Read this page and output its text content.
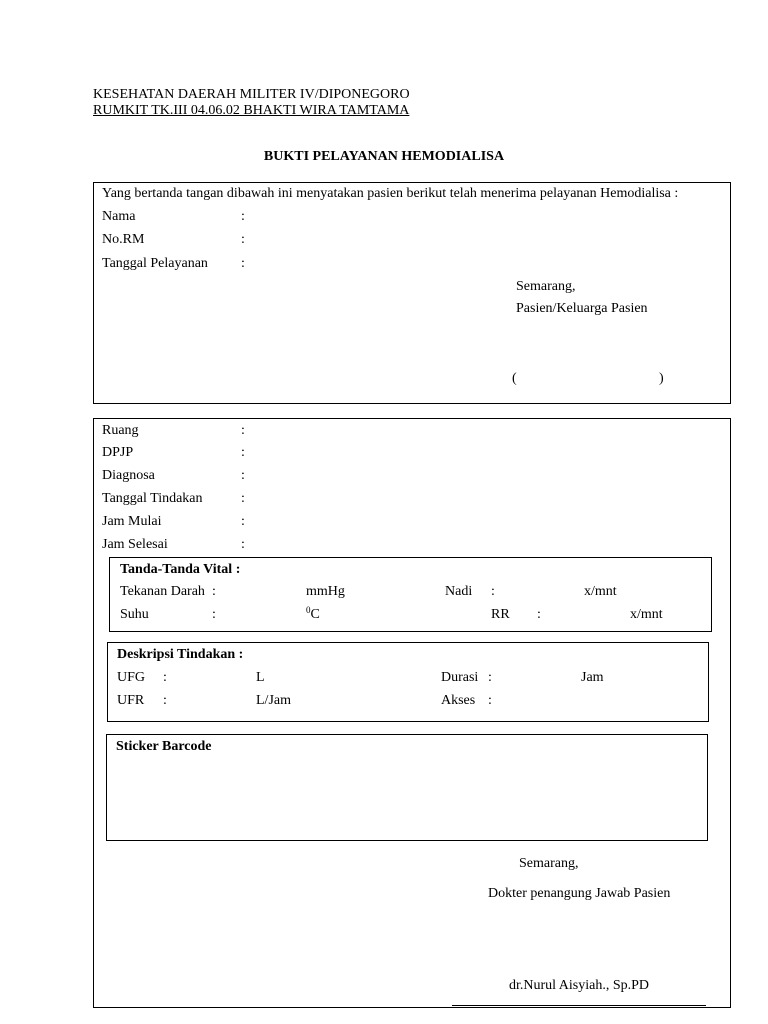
KESEHATAN DAERAH MILITER IV/DIPONEGORO
RUMKIT TK.III 04.06.02 BHAKTI WIRA TAMTAMA
BUKTI PELAYANAN HEMODIALISA
Yang bertanda tangan dibawah ini menyatakan pasien berikut telah menerima pelayanan Hemodialisa :
Nama	:
No.RM	:
Tanggal Pelayanan :
Semarang,
Pasien/Keluarga Pasien
(	)
Ruang	:
DPJP	:
Diagnosa	:
Tanggal Tindakan	:
Jam Mulai	:
Jam Selesai	:
Tanda-Tanda Vital :
Tekanan Darah :	mmHg	Nadi :	x/mnt
Suhu	:	$^0$C	RR :	x/mnt
Deskripsi Tindakan :
UFG :	L	Durasi :	Jam
UFR :	L/Jam	Akses :
Sticker Barcode
Semarang,
Dokter penangung Jawab Pasien
dr.Nurul Aisyiah., Sp.PD
